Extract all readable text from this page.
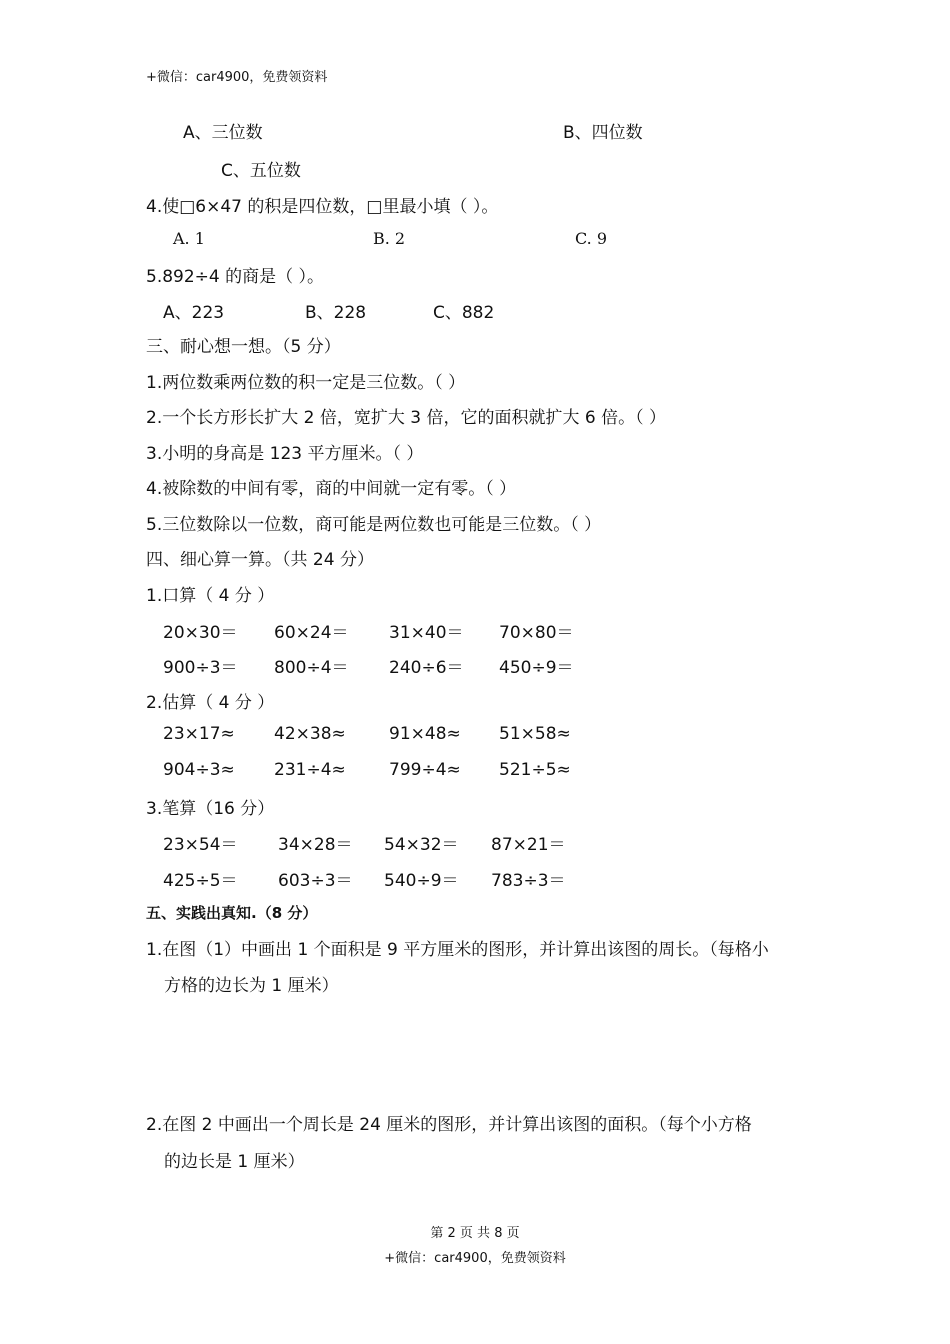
+微信：car4900，免费领资料
A、三位数	B、四位数
C、五位数
4.使□6×47 的积是四位数，□里最小填（ ）。
A. 1	B. 2	C. 9
5.892÷4 的商是（ ）。
A、223	B、228	C、882
三、耐心想一想。（5 分）
1.两位数乘两位数的积一定是三位数。（ ）
2.一个长方形长扩大 2 倍，宽扩大 3 倍，它的面积就扩大 6 倍。（ ）
3.小明的身高是 123 平方厘米。（ ）
4.被除数的中间有零，商的中间就一定有零。（ ）
5.三位数除以一位数，商可能是两位数也可能是三位数。（ ）
四、细心算一算。（共 24 分）
1.口算（ 4 分 ）
20×30＝ 60×24＝ 31×40＝ 70×80＝
900÷3＝ 800÷4＝ 240÷6＝ 450÷9＝
2.估算（ 4 分 ）
23×17≈ 42×38≈	91×48≈ 51×58≈
904÷3≈ 231÷4≈	799÷4≈ 521÷5≈
3.笔算（16 分）
23×54＝ 34×28＝ 54×32＝ 87×21＝
425÷5＝ 603÷3＝ 540÷9＝ 783÷3＝
五、实践出真知.（8 分）
1.在图（1）中画出 1 个面积是 9 平方厘米的图形，并计算出该图的周长。（每格小
方格的边长为 1 厘米）
2.在图 2 中画出一个周长是 24 厘米的图形，并计算出该图的面积。（每个小方格
的边长是 1 厘米）
第 2 页 共 8 页
+微信：car4900，免费领资料
